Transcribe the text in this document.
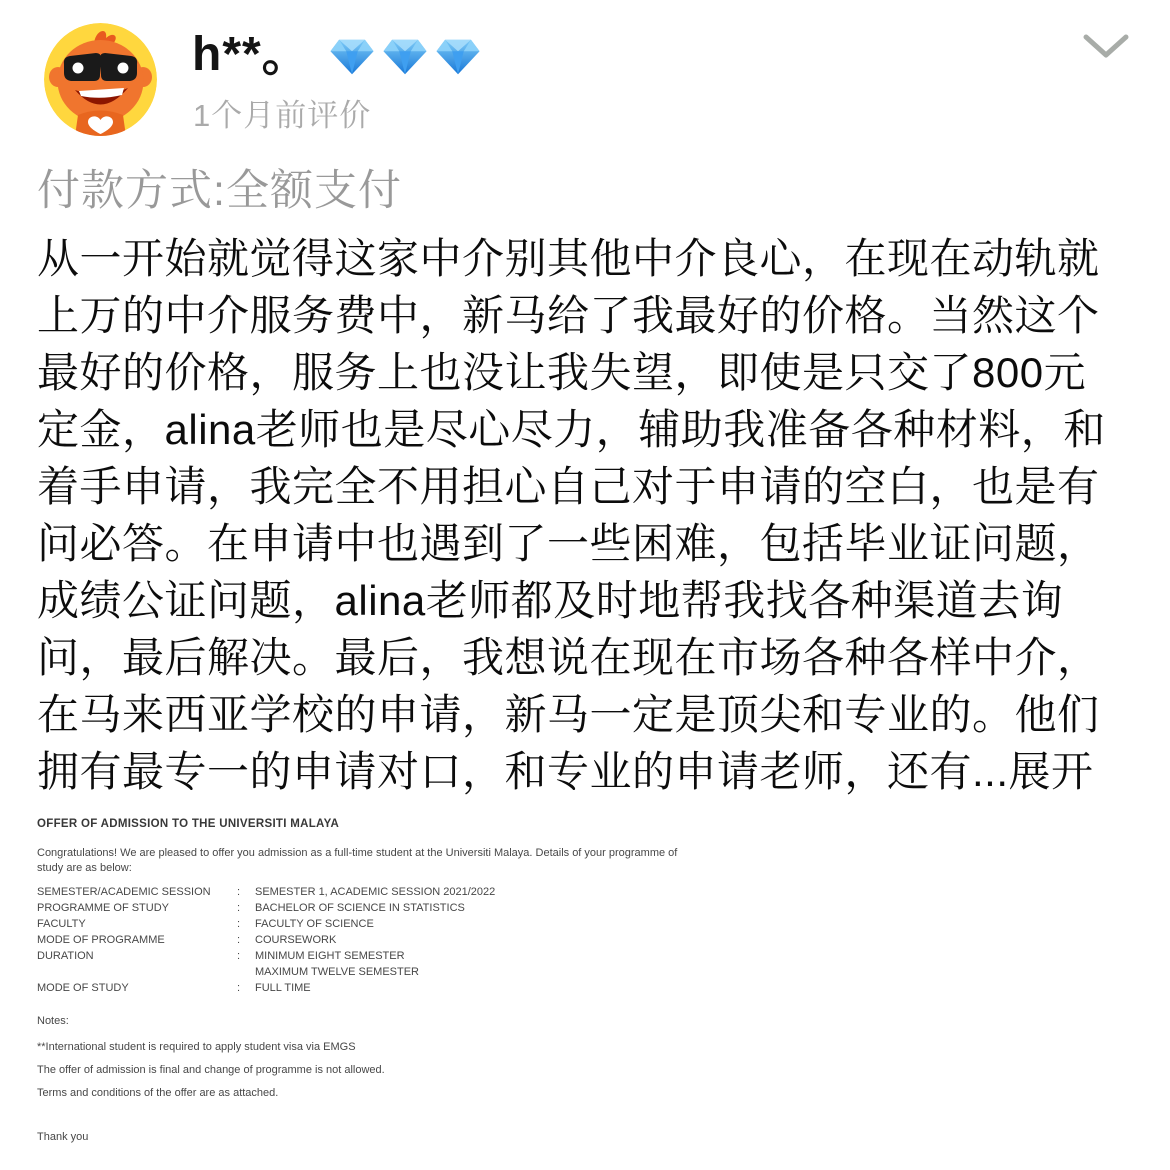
h**。
1个月前评价
付款方式:全额支付
从一开始就觉得这家中介别其他中介良心，在现在动轨就上万的中介服务费中，新马给了我最好的价格。当然这个最好的价格，服务上也没让我失望，即使是只交了800元定金，alina老师也是尽心尽力，辅助我准备各种材料，和着手申请，我完全不用担心自己对于申请的空白，也是有问必答。在申请中也遇到了一些困难，包括毕业证问题，成绩公证问题，alina老师都及时地帮我找各种渠道去询问，最后解决。最后，我想说在现在市场各种各样中介，在马来西亚学校的申请，新马一定是顶尖和专业的。他们拥有最专一的申请对口，和专业的申请老师，还有...展开
OFFER OF ADMISSION TO THE UNIVERSITI MALAYA
Congratulations! We are pleased to offer you admission as a full-time student at the Universiti Malaya. Details of your programme of study are as below:
SEMESTER/ACADEMIC SESSION	:	SEMESTER 1, ACADEMIC SESSION 2021/2022
PROGRAMME OF STUDY	:	BACHELOR OF SCIENCE IN STATISTICS
FACULTY	:	FACULTY OF SCIENCE
MODE OF PROGRAMME	:	COURSEWORK
DURATION	:	MINIMUM EIGHT SEMESTER
MAXIMUM TWELVE SEMESTER
MODE OF STUDY	:	FULL TIME
Notes:
**International student is required to apply student visa via EMGS
The offer of admission is final and change of programme is not allowed.
Terms and conditions of the offer are as attached.
Thank you
